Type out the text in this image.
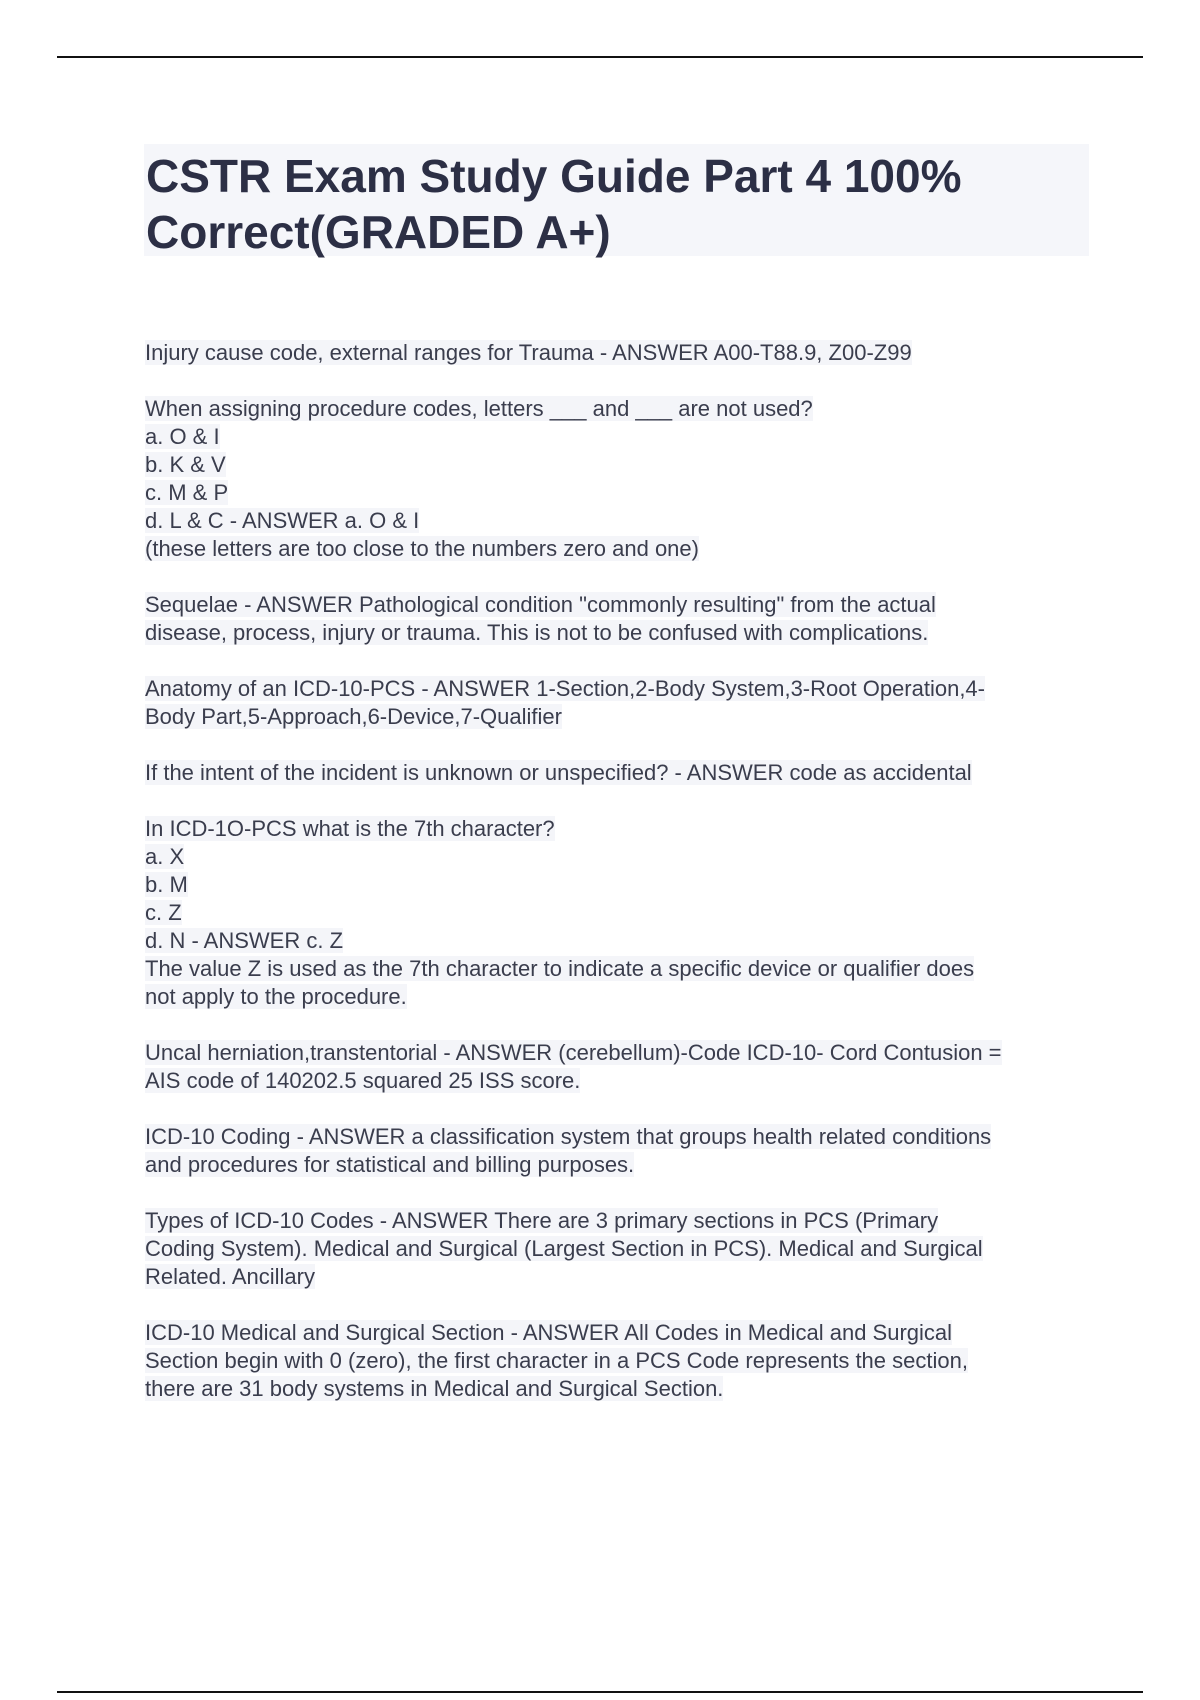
CSTR Exam Study Guide Part 4 100%
Correct(GRADED A+)
Injury cause code, external ranges for Trauma - ANSWER A00-T88.9, Z00-Z99
When assigning procedure codes, letters ___ and ___ are not used?
a. O & I
b. K & V
c. M & P
d. L & C - ANSWER a. O & I
(these letters are too close to the numbers zero and one)
Sequelae - ANSWER Pathological condition "commonly resulting" from the actual
disease, process, injury or trauma. This is not to be confused with complications.
Anatomy of an ICD-10-PCS - ANSWER 1-Section,2-Body System,3-Root Operation,4-
Body Part,5-Approach,6-Device,7-Qualifier
If the intent of the incident is unknown or unspecified? - ANSWER code as accidental
In ICD-1O-PCS what is the 7th character?
a. X
b. M
c. Z
d. N - ANSWER c. Z
The value Z is used as the 7th character to indicate a specific device or qualifier does
not apply to the procedure.
Uncal herniation,transtentorial - ANSWER (cerebellum)-Code ICD-10- Cord Contusion =
AIS code of 140202.5 squared 25 ISS score.
ICD-10 Coding - ANSWER a classification system that groups health related conditions
and procedures for statistical and billing purposes.
Types of ICD-10 Codes - ANSWER There are 3 primary sections in PCS (Primary
Coding System). Medical and Surgical (Largest Section in PCS). Medical and Surgical
Related. Ancillary
ICD-10 Medical and Surgical Section - ANSWER All Codes in Medical and Surgical
Section begin with 0 (zero), the first character in a PCS Code represents the section,
there are 31 body systems in Medical and Surgical Section.
